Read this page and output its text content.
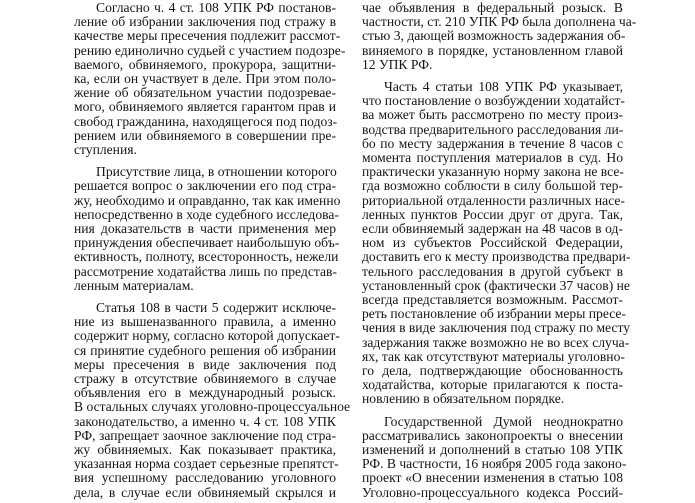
Согласно ч. 4 ст. 108 УПК РФ постанов-
ление об избрании заключения под стражу в
качестве меры пресечения подлежит рассмот-
рению единолично судьей с участием подозре-
ваемого, обвиняемого, прокурора, защитни-
ка, если он участвует в деле. При этом поло-
жение об обязательном участии подозревае-
мого, обвиняемого является гарантом прав и
свобод гражданина, находящегося под подоз-
рением или обвиняемого в совершении пре-
ступления.
Присутствие лица, в отношении которого
решается вопрос о заключении его под стра-
жу, необходимо и оправданно, так как именно
непосредственно в ходе судебного исследова-
ния доказательств в части применения мер
принуждения обеспечивает наибольшую объ-
ективность, полноту, всесторонность, нежели
рассмотрение ходатайства лишь по представ-
ленным материалам.
Статья 108 в части 5 содержит исключе-
ние из вышеназванного правила, а именно
содержит норму, согласно которой допускает-
ся принятие судебного решения об избрании
меры пресечения в виде заключения под
стражу в отсутствие обвиняемого в случае
объявления его в международный розыск.
В остальных случаях уголовно-процессуальное
законодательство, а именно ч. 4 ст. 108 УПК
РФ, запрещает заочное заключение под стра-
жу обвиняемых. Как показывает практика,
указанная норма создает серьезные препятст-
вия успешному расследованию уголовного
дела, в случае если обвиняемый скрылся и
чае объявления в федеральный розыск. В
частности, ст. 210 УПК РФ была дополнена ча-
стью 3, дающей возможность задержания об-
виняемого в порядке, установленном главой
12 УПК РФ.
Часть 4 статьи 108 УПК РФ указывает,
что постановление о возбуждении ходатайст-
ва может быть рассмотрено по месту произ-
водства предварительного расследования ли-
бо по месту задержания в течение 8 часов с
момента поступления материалов в суд. Но
практически указанную норму закона не все-
гда возможно соблюсти в силу большой тер-
риториальной отдаленности различных насе-
ленных пунктов России друг от друга. Так,
если обвиняемый задержан на 48 часов в од-
ном из субъектов Российской Федерации,
доставить его к месту производства предвари-
тельного расследования в другой субъект в
установленный срок (фактически 37 часов) не
всегда представляется возможным. Рассмот-
реть постановление об избрании меры пресе-
чения в виде заключения под стражу по месту
задержания также возможно не во всех случа-
ях, так как отсутствуют материалы уголовно-
го дела, подтверждающие обоснованность
ходатайства, которые прилагаются к поста-
новлению в обязательном порядке.
Государственной Думой неоднократно
рассматривались законопроекты о внесении
изменений и дополнений в статью 108 УПК
РФ. В частности, 16 ноября 2005 года законо-
проект «О внесении изменения в статью 108
Уголовно-процессуального кодекса Росcий-
